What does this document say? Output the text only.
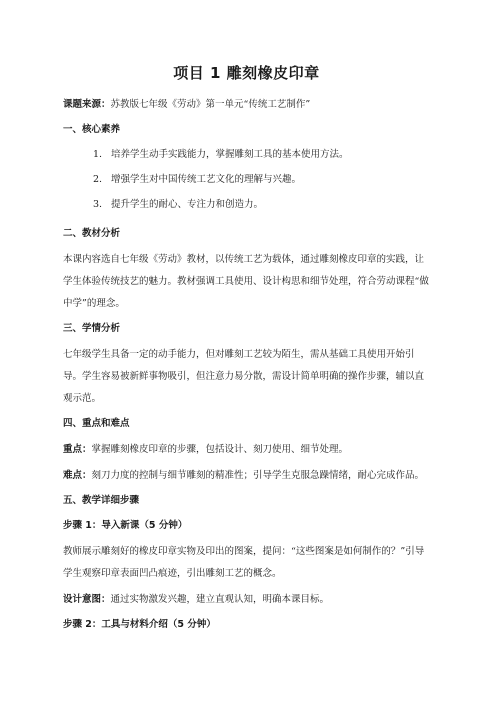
项目 1 雕刻橡皮印章
课题来源：苏教版七年级《劳动》第一单元“传统工艺制作”
一、核心素养
1. 培养学生动手实践能力，掌握雕刻工具的基本使用方法。
2. 增强学生对中国传统工艺文化的理解与兴趣。
3. 提升学生的耐心、专注力和创造力。
二、教材分析
本课内容选自七年级《劳动》教材，以传统工艺为载体，通过雕刻橡皮印章的实践，让学生体验传统技艺的魅力。教材强调工具使用、设计构思和细节处理，符合劳动课程“做中学”的理念。
三、学情分析
七年级学生具备一定的动手能力，但对雕刻工艺较为陌生，需从基础工具使用开始引导。学生容易被新鲜事物吸引，但注意力易分散，需设计简单明确的操作步骤，辅以直观示范。
四、重点和难点
重点：掌握雕刻橡皮印章的步骤，包括设计、刻刀使用、细节处理。
难点：刻刀力度的控制与细节雕刻的精准性；引导学生克服急躁情绪，耐心完成作品。
五、教学详细步骤
步骤 1：导入新课（5 分钟）
教师展示雕刻好的橡皮印章实物及印出的图案，提问：“这些图案是如何制作的？”引导学生观察印章表面凹凸痕迹，引出雕刻工艺的概念。
设计意图：通过实物激发兴趣，建立直观认知，明确本课目标。
步骤 2：工具与材料介绍（5 分钟）
